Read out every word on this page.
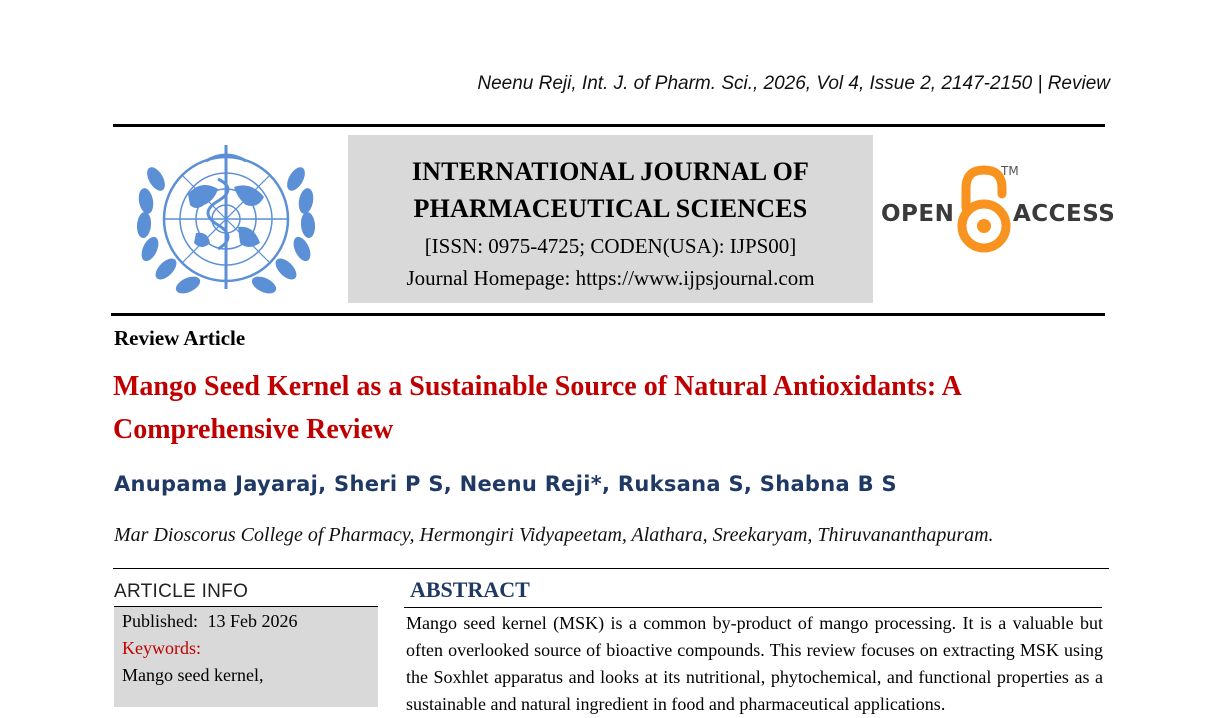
Neenu Reji, Int. J. of Pharm. Sci., 2026, Vol 4, Issue 2, 2147-2150 | Review
INTERNATIONAL JOURNAL OF
PHARMACEUTICAL SCIENCES
[ISSN: 0975-4725; CODEN(USA): IJPS00]
Journal Homepage: https://www.ijpsjournal.com
OPEN
TM
ACCESS
Review Article
Mango Seed Kernel as a Sustainable Source of Natural Antioxidants: A Comprehensive Review
Anupama Jayaraj, Sheri P S, Neenu Reji*, Ruksana S, Shabna B S
Mar Dioscorus College of Pharmacy, Hermongiri Vidyapeetam, Alathara, Sreekaryam, Thiruvananthapuram.
ARTICLE INFO
Published: 13 Feb 2026
Keywords:
Mango seed kernel,
ABSTRACT
Mango seed kernel (MSK) is a common by-product of mango processing. It is a valuable but often overlooked source of bioactive compounds. This review focuses on extracting MSK using the Soxhlet apparatus and looks at its nutritional, phytochemical, and functional properties as a sustainable and natural ingredient in food and pharmaceutical applications.
